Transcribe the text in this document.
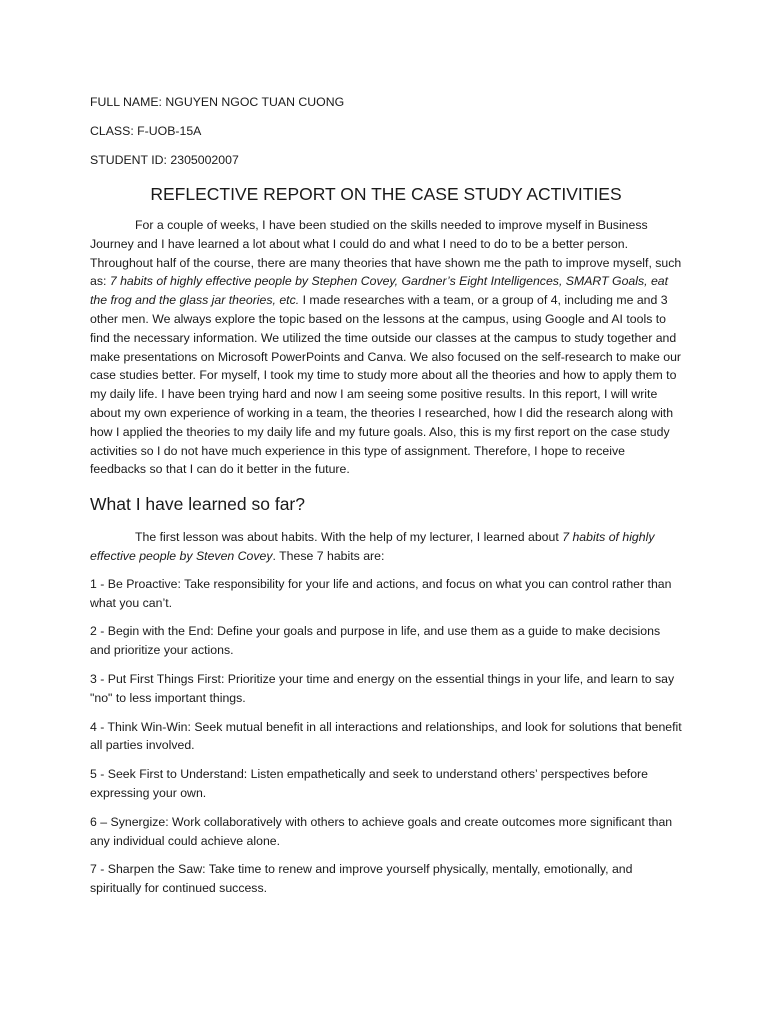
FULL NAME: NGUYEN NGOC TUAN CUONG

CLASS: F-UOB-15A

STUDENT ID: 2305002007

REFLECTIVE REPORT ON THE CASE STUDY ACTIVITIES

For a couple of weeks, I have been studied on the skills needed to improve myself in Business Journey and I have learned a lot about what I could do and what I need to do to be a better person. Throughout half of the course, there are many theories that have shown me the path to improve myself, such as: 7 habits of highly effective people by Stephen Covey, Gardner’s Eight Intelligences, SMART Goals, eat the frog and the glass jar theories, etc. I made researches with a team, or a group of 4, including me and 3 other men. We always explore the topic based on the lessons at the campus, using Google and AI tools to find the necessary information. We utilized the time outside our classes at the campus to study together and make presentations on Microsoft PowerPoints and Canva. We also focused on the self-research to make our case studies better. For myself, I took my time to study more about all the theories and how to apply them to my daily life. I have been trying hard and now I am seeing some positive results. In this report, I will write about my own experience of working in a team, the theories I researched, how I did the research along with how I applied the theories to my daily life and my future goals. Also, this is my first report on the case study activities so I do not have much experience in this type of assignment. Therefore, I hope to receive feedbacks so that I can do it better in the future.

What I have learned so far?

The first lesson was about habits. With the help of my lecturer, I learned about 7 habits of highly effective people by Steven Covey. These 7 habits are:

1 - Be Proactive: Take responsibility for your life and actions, and focus on what you can control rather than what you can’t.

2 - Begin with the End: Define your goals and purpose in life, and use them as a guide to make decisions and prioritize your actions.

3 - Put First Things First: Prioritize your time and energy on the essential things in your life, and learn to say "no" to less important things.

4 - Think Win-Win: Seek mutual benefit in all interactions and relationships, and look for solutions that benefit all parties involved.

5 - Seek First to Understand: Listen empathetically and seek to understand others’ perspectives before expressing your own.

6 – Synergize: Work collaboratively with others to achieve goals and create outcomes more significant than any individual could achieve alone.

7 - Sharpen the Saw: Take time to renew and improve yourself physically, mentally, emotionally, and spiritually for continued success.
